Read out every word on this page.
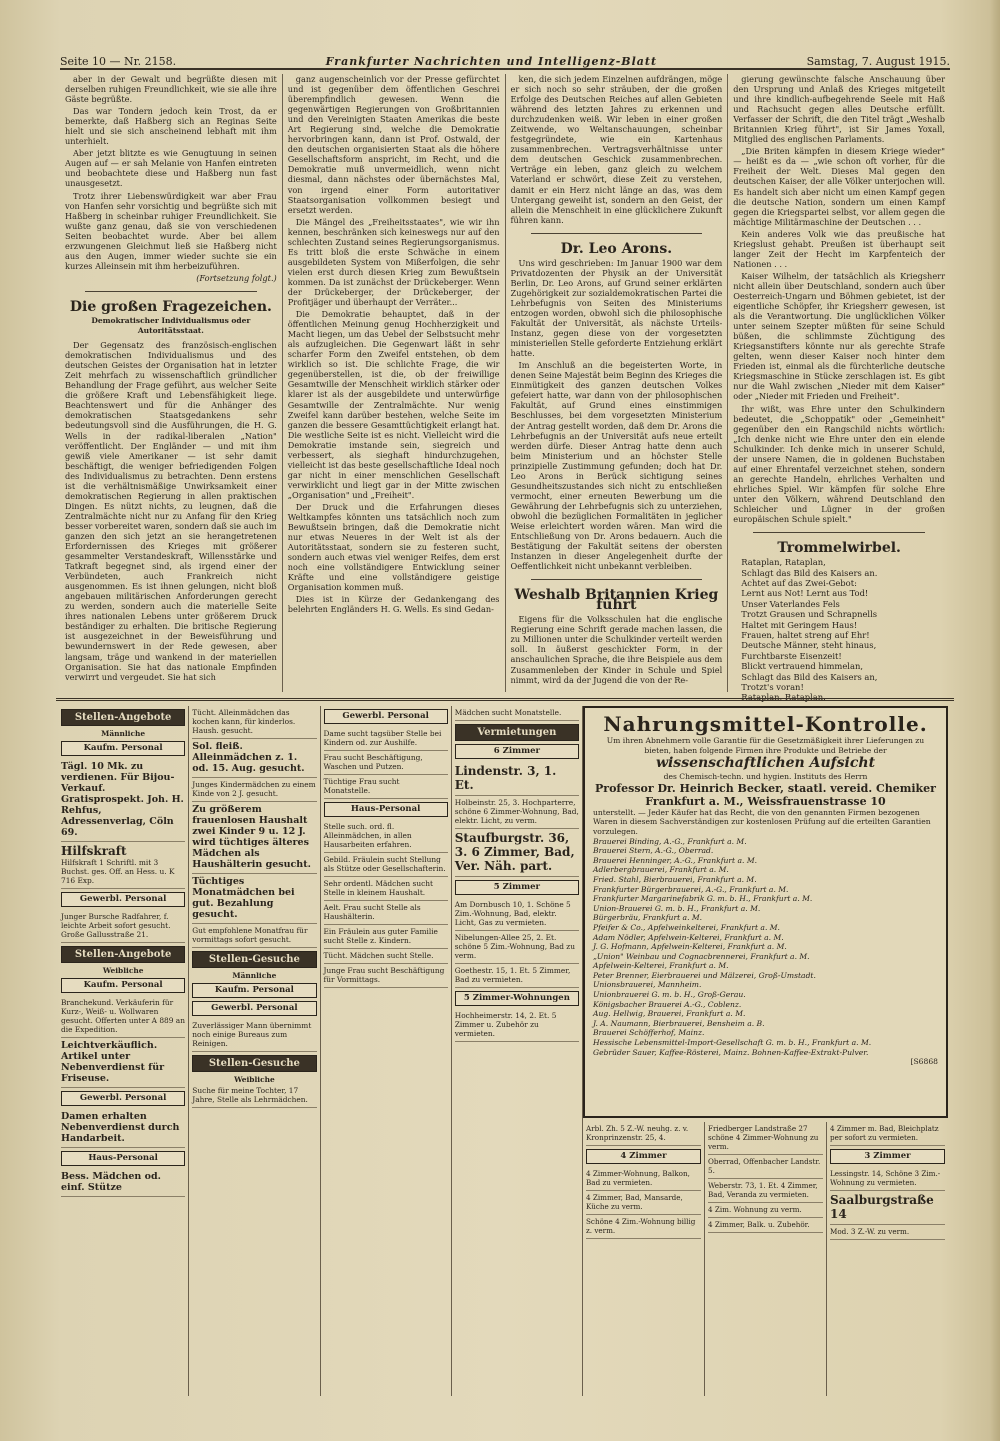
Seite 10 — Nr. 2158.	Frankfurter Nachrichten und Intelligenz-Blatt	Samstag, 7. August 1915.

aber in der Gewalt und begrüßte diesen mit derselben ruhigen Freundlichkeit, wie sie alle ihre Gäste begrüßte.

Das war Tondern jedoch kein Trost, da er bemerkte, daß Haßberg sich an Reginas Seite hielt und sie sich anscheinend lebhaft mit ihm unterhielt.

Aber jetzt blitzte es wie Genugtuung in seinen Augen auf — er sah Melanie von Hanfen eintreten und beobachtete diese und Haßberg nun fast unausgesetzt.

Trotz ihrer Liebenswürdigkeit war aber Frau von Hanfen sehr vorsichtig und begrüßte sich mit Haßberg in scheinbar ruhiger Freundlichkeit. Sie wußte ganz genau, daß sie von verschiedenen Seiten beobachtet wurde. Aber bei allem erzwungenen Gleichmut ließ sie Haßberg nicht aus den Augen, immer wieder suchte sie ein kurzes Alleinsein mit ihm herbeizuführen.

(Fortsetzung folgt.)
Die großen Fragezeichen.
Demokratischer Individualismus oder Autoritätsstaat.

Der Gegensatz des französisch-englischen demokratischen Individualismus und des deutschen Geistes der Organisation hat in letzter Zeit mehrfach zu wissenschaftlich gründlicher Behandlung der Frage geführt, aus welcher Seite die größere Kraft und Lebensfähigkeit liege. Beachtenswert und für die Anhänger des demokratischen Staatsgedankens sehr bedeutungsvoll sind die Ausführungen, die H. G. Wells in der radikal-liberalen „Nation" veröffentlicht. Der Engländer — und mit ihm gewiß viele Amerikaner — ist sehr damit beschäftigt, die weniger befriedigenden Folgen des Individualismus zu betrachten. Denn erstens ist die verhältnismäßige Unwirksamkeit einer demokratischen Regierung in allen praktischen Dingen. Es nützt nichts, zu leugnen, daß die Zentralmächte nicht nur zu Anfang für den Krieg besser vorbereitet waren, sondern daß sie auch im ganzen den sich jetzt an sie herangetretenen Erfordernissen des Krieges mit größerer gesammelter Verstandeskraft, Willensstärke und Tatkraft begegnet sind, als irgend einer der Verbündeten, auch Frankreich nicht ausgenommen. Es ist ihnen gelungen, nicht bloß angebauen militärischen Anforderungen gerecht zu werden, sondern auch die materielle Seite ihres nationalen Lebens unter größerem Druck beständiger zu erhalten. Die britische Regierung ist ausgezeichnet in der Beweisführung und bewundernswert in der Rede gewesen, aber langsam, träge und wankend in der materiellen Organisation. Sie hat das nationale Empfinden verwirrt und vergeudet. Sie hat sich

ganz augenscheinlich vor der Presse gefürchtet und ist gegenüber dem öffentlichen Geschrei überempfindlich gewesen. Wenn die gegenwärtigen Regierungen von Großbritannien und den Vereinigten Staaten Amerikas die beste Art Regierung sind, welche die Demokratie hervorbringen kann, dann ist Prof. Ostwald, der den deutschen organisierten Staat als die höhere Gesellschaftsform anspricht, im Recht, und die Demokratie muß unvermeidlich, wenn nicht diesmal, dann nächstes oder übernächstes Mal, von irgend einer Form autoritativer Staatsorganisation vollkommen besiegt und ersetzt werden.

Die Mängel des „Freiheitsstaates", wie wir ihn kennen, beschränken sich keineswegs nur auf den schlechten Zustand seines Regierungsorganismus. Es tritt bloß die erste Schwäche in einem ausgebildeten System von Mißerfolgen, die sehr vielen erst durch diesen Krieg zum Bewußtsein kommen. Da ist zunächst der Drückeberger. Wenn der Drückeberger, der Drückeberger, der Profitjäger und überhaupt der Verräter...

Die Demokratie behauptet, daß in der öffentlichen Meinung genug Hochherzigkeit und Macht liegen, um das Uebel der Selbstsucht mehr als aufzugleichen. Die Gegenwart läßt in sehr scharfer Form den Zweifel entstehen, ob dem wirklich so ist. Die schlichte Frage, die wir gegenüberstellen, ist die, ob der freiwillige Gesamtwille der Menschheit wirklich stärker oder klarer ist als der ausgebildete und unterwürfige Gesamtwille der Zentralmächte. Nur wenig Zweifel kann darüber bestehen, welche Seite im ganzen die bessere Gesamttüchtigkeit erlangt hat. Die westliche Seite ist es nicht. Vielleicht wird die Demokratie imstande sein, siegreich und verbessert, als sieghaft hindurchzugehen, vielleicht ist das beste gesellschaftliche Ideal noch gar nicht in einer menschlichen Gesellschaft verwirklicht und liegt gar in der Mitte zwischen „Organisation" und „Freiheit".

Der Druck und die Erfahrungen dieses Weltkampfes könnten uns tatsächlich noch zum Bewußtsein bringen, daß die Demokratie nicht nur etwas Neueres in der Welt ist als der Autoritätsstaat, sondern sie zu festeren sucht, sondern auch etwas viel weniger Reifes, dem erst noch eine vollständigere Entwicklung seiner Kräfte und eine vollständigere geistige Organisation kommen muß.

Dies ist in Kürze der Gedankengang des belehrten Engländers H. G. Wells. Es sind Gedan-

ken, die sich jedem Einzelnen aufdrängen, möge er sich noch so sehr sträuben, der die großen Erfolge des Deutschen Reiches auf allen Gebieten während des letzten Jahres zu erkennen und durchzudenken weiß. Wir leben in einer großen Zeitwende, wo Weltanschauungen, scheinbar festgegründete, wie ein Kartenhaus zusammenbrechen. Vertragsverhältnisse unter dem deutschen Geschick zusammenbrechen. Verträge ein leben, ganz gleich zu welchem Vaterland er schwört, diese Zeit zu verstehen, damit er ein Herz nicht länge an das, was dem Untergang geweiht ist, sondern an den Geist, der allein die Menschheit in eine glücklichere Zukunft führen kann.

Dr. Leo Arons.

Uns wird geschrieben: Im Januar 1900 war dem Privatdozenten der Physik an der Universität Berlin, Dr. Leo Arons, auf Grund seiner erklärten Zugehörigkeit zur sozialdemokratischen Partei die Lehrbefugnis von Seiten des Ministeriums entzogen worden, obwohl sich die philosophische Fakultät der Universität, als nächste Urteils-Instanz, gegen diese von der vorgesetzten ministeriellen Stelle geforderte Entziehung erklärt hatte.

Im Anschluß an die begeisterten Worte, in denen Seine Majestät beim Beginn des Krieges die Einmütigkeit des ganzen deutschen Volkes gefeiert hatte, war dann von der philosophischen Fakultät, auf Grund eines einstimmigen Beschlusses, bei dem vorgesetzten Ministerium der Antrag gestellt worden, daß dem Dr. Arons die Lehrbefugnis an der Universität aufs neue erteilt werden dürfe. Dieser Antrag hatte denn auch beim Ministerium und an höchster Stelle prinzipielle Zustimmung gefunden; doch hat Dr. Leo Arons in Berück sichtigung seines Gesundheitszustandes sich nicht zu entschließen vermocht, einer erneuten Bewerbung um die Gewährung der Lehrbefugnis sich zu unterziehen, obwohl die bezüglichen Formalitäten in jeglicher Weise erleichtert worden wären. Man wird die Entschließung von Dr. Arons bedauern. Auch die Bestätigung der Fakultät seitens der obersten Instanzen in dieser Angelegenheit durfte der Oeffentlichkeit nicht unbekannt verbleiben.

Weshalb Britannien Krieg führt

Eigens für die Volksschulen hat die englische Regierung eine Schrift gerade machen lassen, die zu Millionen unter die Schulkinder verteilt werden soll. In äußerst geschickter Form, in der anschaulichen Sprache, die ihre Beispiele aus dem Zusammenleben der Kinder in Schule und Spiel nimmt, wird da der Jugend die von der Re-

gierung gewünschte falsche Anschauung über den Ursprung und Anlaß des Krieges mitgeteilt und ihre kindlich-aufbegehrende Seele mit Haß und Rachsucht gegen alles Deutsche erfüllt. Verfasser der Schrift, die den Titel trägt „Weshalb Britannien Krieg führt", ist Sir James Yoxall, Mitglied des englischen Parlaments.

„Die Briten kämpfen in diesem Kriege wieder" — heißt es da — „wie schon oft vorher, für die Freiheit der Welt. Dieses Mal gegen den deutschen Kaiser, der alle Völker unterjochen will. Es handelt sich aber nicht um einen Kampf gegen die deutsche Nation, sondern um einen Kampf gegen die Kriegspartei selbst, vor allem gegen die mächtige Militärmaschine der Deutschen . . .

Kein anderes Volk wie das preußische hat Kriegslust gehabt. Preußen ist überhaupt seit langer Zeit der Hecht im Karpfenteich der Nationen . . .

Kaiser Wilhelm, der tatsächlich als Kriegsherr nicht allein über Deutschland, sondern auch über Oesterreich-Ungarn und Böhmen gebietet, ist der eigentliche Schöpfer, ihr Kriegsherr gewesen, ist als die Verantwortung. Die unglücklichen Völker unter seinem Szepter müßten für seine Schuld büßen, die schlimmste Züchtigung des Kriegsanstifters könnte nur als gerechte Strafe gelten, wenn dieser Kaiser noch hinter dem Frieden ist, einmal als die fürchterliche deutsche Kriegsmaschine in Stücke zerschlagen ist. Es gibt nur die Wahl zwischen „Nieder mit dem Kaiser" oder „Nieder mit Frieden und Freiheit".

Ihr wißt, was Ehre unter den Schulkindern bedeutet, die „Schoppatik" oder „Gemeinheit" gegenüber den ein Rangschild nichts wörtlich: „Ich denke nicht wie Ehre unter den ein elende Schulkinder. Ich denke mich in unserer Schuld, der unsere Namen, die in goldenen Buchstaben auf einer Ehrentafel verzeichnet stehen, sondern an gerechte Handeln, ehrliches Verhalten und ehrliches Spiel. Wir kämpfen für solche Ehre unter den Völkern, während Deutschland den Schleicher und Lügner in der großen europäischen Schule spielt."

Trommelwirbel.
Rataplan, Rataplan,
Schlagt das Bild des Kaisers an.
Achtet auf das Zwei-Gebot:
Lernt aus Not! Lernt aus Tod!
Unser Vaterlandes Fels
Trotzt Grausen und Schrapnells
Haltet mit Geringem Haus!
Frauen, haltet streng auf Ehr!
Deutsche Männer, steht hinaus,
Furchtbarste Eisenzeit!
Blickt vertrauend himmelan,
Schlagt das Bild des Kaisers an,
Trotzt's voran!
Rataplan, Rataplan.
Stellen-Angebote
Männliche
Kaufm. Personal
Tägl. 10 Mk. zu verdienen. Für Bijou-Verkauf. Gratisprospekt. Joh. H. Rehfus, Adressenverlag, Cöln 69.
Hilfskraft
Hilfskraft 1 Schriftl. mit 3 Buchst. ges. Off. an Hess. u. K 716 Exp.
Gewerbl. Personal
Junger Bursche Radfahrer, f. leichte Arbeit sofort gesucht. Große Gallusstraße 21.
Stellen-Angebote
Weibliche
Kaufm. Personal
Branchekund. Verkäuferin für Kurz-, Weiß- u. Wollwaren gesucht. Offerten unter A 889 an die Expedition.
Leichtverkäuflich. Artikel unter Nebenverdienst für Friseuse.
Gewerbl. Personal
Damen erhalten Nebenverdienst durch Handarbeit.
Haus-Personal
Bess. Mädchen od. einf. Stütze
Tücht. Alleinmädchen das kochen kann, für kinderlos. Haush. gesucht.
Sol. fleiß. Alleinmädchen z. 1. od. 15. Aug. gesucht.
Junges Kindermädchen zu einem Kinde von 2 J. gesucht.
Zu größerem frauenlosen Haushalt zwei Kinder 9 u. 12 J. wird tüchtiges älteres Mädchen als Haushälterin gesucht.
Tüchtiges Monatmädchen bei gut. Bezahlung gesucht.
Gut empfohlene Monatfrau für vormittags sofort gesucht.
Stellen-Gesuche
Männliche
Kaufm. Personal
Gewerbl. Personal
Zuverlässiger Mann übernimmt noch einige Bureaus zum Reinigen.
Stellen-Gesuche
Weibliche
Suche für meine Tochter, 17 Jahre, Stelle als Lehrmädchen.
Gewerbl. Personal
Dame sucht tagsüber Stelle bei Kindern od. zur Aushilfe.
Frau sucht Beschäftigung, Waschen und Putzen.
Tüchtige Frau sucht Monatstelle.
Haus-Personal
Stelle such. ord. fl. Alleinmädchen, in allen Hausarbeiten erfahren.
Gebild. Fräulein sucht Stellung als Stütze oder Gesellschafterin.
Sehr ordentl. Mädchen sucht Stelle in kleinem Haushalt.
Aelt. Frau sucht Stelle als Haushälterin.
Ein Fräulein aus guter Familie sucht Stelle z. Kindern.
Tücht. Mädchen sucht Stelle.
Junge Frau sucht Beschäftigung für Vormittags.
Mädchen sucht Monatstelle.
Vermietungen
6 Zimmer
Lindenstr. 3, 1. Et.
Holbeinstr. 25, 3. Hochparterre, schöne 6 Zimmer-Wohnung, Bad, elektr. Licht, zu verm.
Staufburgstr. 36, 3. 6 Zimmer, Bad, Ver. Näh. part.
5 Zimmer
Am Dornbusch 10, 1. Schöne 5 Zim.-Wohnung, Bad, elektr. Licht, Gas zu vermieten.
Nibelungen-Allee 25, 2. Et. schöne 5 Zim.-Wohnung, Bad zu verm.
Goethestr. 15, 1. Et. 5 Zimmer, Bad zu vermieten.
5 Zimmer-Wohnungen
Hochheimerstr. 14, 2. Et. 5 Zimmer u. Zubehör zu vermieten.
Nahrungsmittel-Kontrolle.
Um ihren Abnehmern volle Garantie für die Gesetzmäßigkeit ihrer Lieferungen zu bieten, haben folgende Firmen ihre Produkte und Betriebe der
wissenschaftlichen Aufsicht
des Chemisch-techn. und hygien. Instituts des Herrn
Professor Dr. Heinrich Becker, staatl. vereid. Chemiker
Frankfurt a. M., Weissfrauenstrasse 10
unterstellt. — Jeder Käufer hat das Recht, die von den genannten Firmen bezogenen Waren in diesem Sachverständigen zur kostenlosen Prüfung auf die erteilten Garantien vorzulegen.
Brauerei Binding, A.-G., Frankfurt a. M.
Brauerei Stern, A.-G., Oberrad.
Brauerei Henninger, A.-G., Frankfurt a. M.
Adlerbergbrauerei, Frankfurt a. M.
Fried. Stahl, Bierbrauerei, Frankfurt a. M.
Frankfurter Bürgerbrauerei, A.-G., Frankfurt a. M.
Frankfurter Margarinefabrik G. m. b. H., Frankfurt a. M.
Union-Brauerei G. m. b. H., Frankfurt a. M.
Bürgerbräu, Frankfurt a. M.
Pfeifer & Co., Apfelweinkelterei, Frankfurt a. M.
Adam Nödler, Apfelwein-Kelterei, Frankfurt a. M.
J. G. Hofmann, Apfelwein-Kelterei, Frankfurt a. M.
„Union" Weinbau und Cognacbrennerei, Frankfurt a. M.
Apfelwein-Kelterei, Frankfurt a. M.
Peter Brenner, Eierbrauerei und Mälzerei, Groß-Umstadt.
Unionsbrauerei, Mannheim.
Unionbrauerei G. m. b. H., Groß-Gerau.
Königsbacher Brauerei A.-G., Coblenz.
Aug. Hellwig, Brauerei, Frankfurt a. M.
J. A. Naumann, Bierbrauerei, Bensheim a. B.
Brauerei Schöfferhof, Mainz.
Hessische Lebensmittel-Import-Gesellschaft G. m. b. H., Frankfurt a. M.
Gebrüder Sauer, Kaffee-Rösterei, Mainz. Bohnen-Kaffee-Extrakt-Pulver.
[S6868
Arbl. Zh. 5 Z.-W. neuhg. z. v. Kronprinzenstr. 25, 4.
4 Zimmer
4 Zimmer-Wohnung, Balkon, Bad zu vermieten.
4 Zimmer, Bad, Mansarde, Küche zu verm.
Schöne 4 Zim.-Wohnung billig z. verm.
Friedberger Landstraße 27 schöne 4 Zimmer-Wohnung zu verm.
Oberrad, Offenbacher Landstr. 5.
Weberstr. 73, 1. Et. 4 Zimmer, Bad, Veranda zu vermieten.
4 Zim. Wohnung zu verm.
4 Zimmer, Balk. u. Zubehör.
4 Zimmer m. Bad, Bleichplatz per sofort zu vermieten.
3 Zimmer
Lessingstr. 14, Schöne 3 Zim.-Wohnung zu vermieten.
Saalburgstraße 14
Mod. 3 Z.-W. zu verm.
